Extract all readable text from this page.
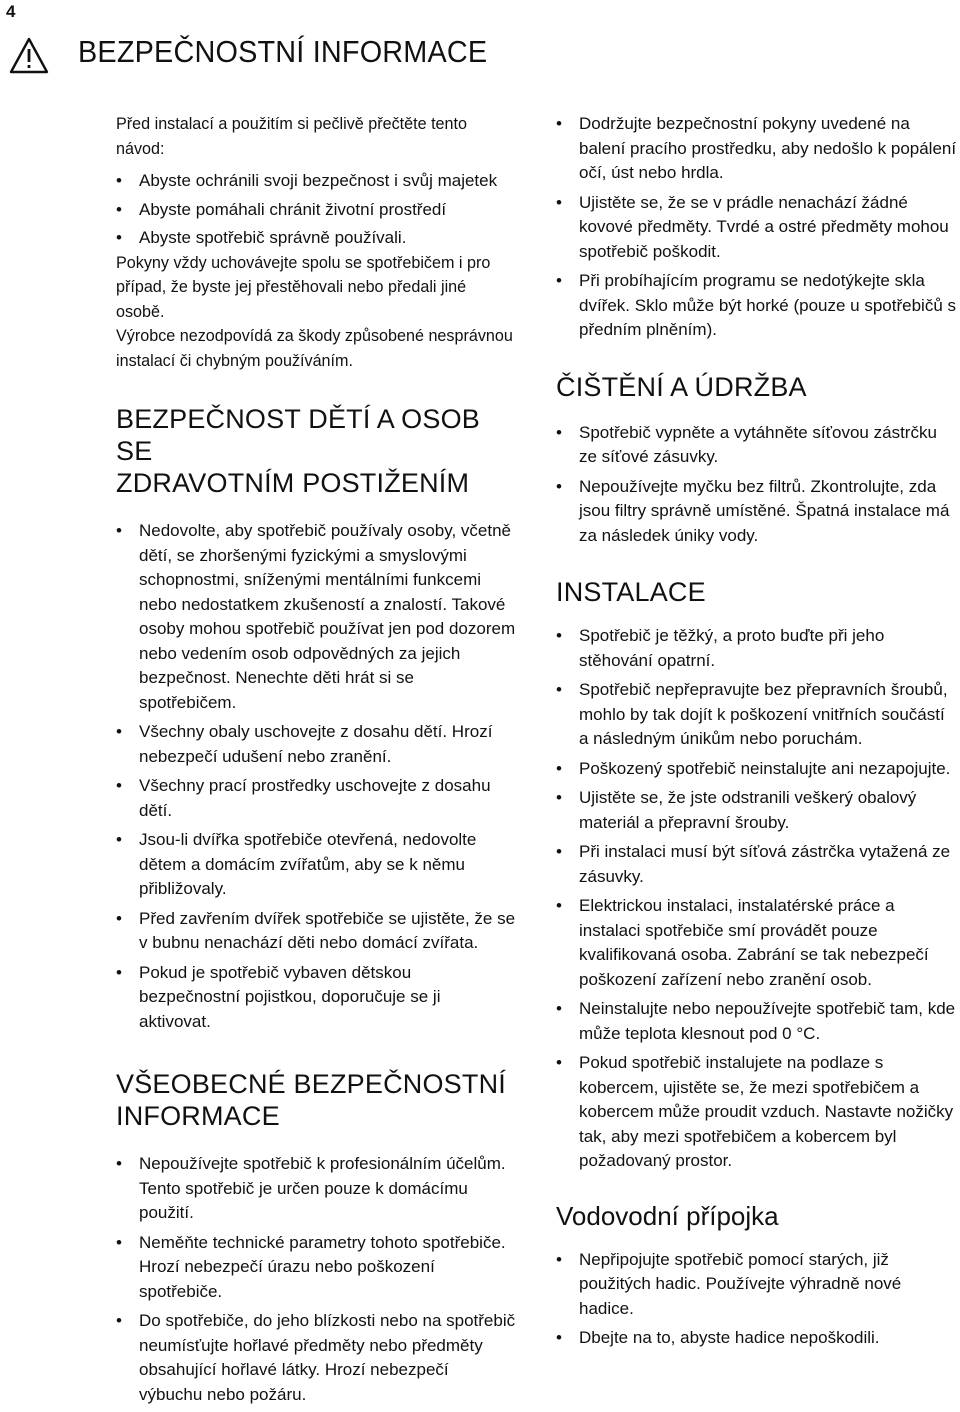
4
BEZPEČNOSTNÍ INFORMACE

Před instalací a použitím si pečlivě přečtěte tento návod:

• Abyste ochránili svoji bezpečnost i svůj majetek
• Abyste pomáhali chránit životní prostředí
• Abyste spotřebič správně používali.

Pokyny vždy uchovávejte spolu se spotřebičem i pro případ, že byste jej přestěhovali nebo předali jiné osobě.

Výrobce nezodpovídá za škody způsobené nesprávnou instalací či chybným používáním.

BEZPEČNOST DĚTÍ A OSOB SE
ZDRAVOTNÍM POSTIŽENÍM
• Nedovolte, aby spotřebič používaly osoby, včetně dětí, se zhoršenými fyzickými a smyslovými schopnostmi, sníženými mentálními funkcemi nebo nedostatkem zkušeností a znalostí. Takové osoby mohou spotřebič používat jen pod dozorem nebo vedením osob odpovědných za jejich bezpečnost. Nenechte děti hrát si se spotřebičem.
• Všechny obaly uschovejte z dosahu dětí. Hrozí nebezpečí udušení nebo zranění.
• Všechny prací prostředky uschovejte z dosahu dětí.
• Jsou-li dvířka spotřebiče otevřená, nedovolte dětem a domácím zvířatům, aby se k němu přibližovaly.
• Před zavřením dvířek spotřebiče se ujistěte, že se v bubnu nenachází děti nebo domácí zvířata.
• Pokud je spotřebič vybaven dětskou bezpečnostní pojistkou, doporučuje se ji aktivovat.
VŠEOBECNÉ BEZPEČNOSTNÍ
INFORMACE
• Nepoužívejte spotřebič k profesionálním účelům. Tento spotřebič je určen pouze k domácímu použití.
• Neměňte technické parametry tohoto spotřebiče. Hrozí nebezpečí úrazu nebo poškození spotřebiče.
• Do spotřebiče, do jeho blízkosti nebo na spotřebič neumísťujte hořlavé předměty nebo předměty obsahující hořlavé látky. Hrozí nebezpečí výbuchu nebo požáru.
• Dodržujte bezpečnostní pokyny uvedené na balení pracího prostředku, aby nedošlo k popálení očí, úst nebo hrdla.
• Ujistěte se, že se v prádle nenachází žádné kovové předměty. Tvrdé a ostré předměty mohou spotřebič poškodit.
• Při probíhajícím programu se nedotýkejte skla dvířek. Sklo může být horké (pouze u spotřebičů s předním plněním).
ČIŠTĚNÍ A ÚDRŽBA
• Spotřebič vypněte a vytáhněte síťovou zástrčku ze síťové zásuvky.
• Nepoužívejte myčku bez filtrů. Zkontrolujte, zda jsou filtry správně umístěné. Špatná instalace má za následek úniky vody.
INSTALACE
• Spotřebič je těžký, a proto buďte při jeho stěhování opatrní.
• Spotřebič nepřepravujte bez přepravních šroubů, mohlo by tak dojít k poškození vnitřních součástí a následným únikům nebo poruchám.
• Poškozený spotřebič neinstalujte ani nezapojujte.
• Ujistěte se, že jste odstranili veškerý obalový materiál a přepravní šrouby.
• Při instalaci musí být síťová zástrčka vytažená ze zásuvky.
• Elektrickou instalaci, instalatérské práce a instalaci spotřebiče smí provádět pouze kvalifikovaná osoba. Zabrání se tak nebezpečí poškození zařízení nebo zranění osob.
• Neinstalujte nebo nepoužívejte spotřebič tam, kde může teplota klesnout pod 0 °C.
• Pokud spotřebič instalujete na podlaze s kobercem, ujistěte se, že mezi spotřebičem a kobercem může proudit vzduch. Nastavte nožičky tak, aby mezi spotřebičem a kobercem byl požadovaný prostor.
Vodovodní přípojka
• Nepřipojujte spotřebič pomocí starých, již použitých hadic. Používejte výhradně nové hadice.
• Dbejte na to, abyste hadice nepoškodili.
